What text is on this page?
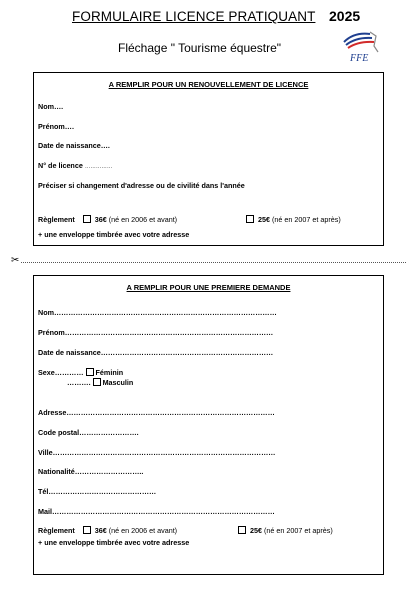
FORMULAIRE LICENCE PRATIQUANT 2025
Fléchage " Tourisme équestre"
FFE
A REMPLIR POUR UN RENOUVELLEMENT DE LICENCE
Nom….
Prénom….
Date de naissance….
N° de licence ……………
Préciser si changement d'adresse ou de civilité dans l'année
Règlement	36€ (né en 2006 et avant)	25€ (né en 2007 et après)
+ une enveloppe timbrée avec votre adresse
✂
A REMPLIR POUR UNE PREMIERE DEMANDE
Nom…………………………………………………………………………………
Prénom……………………………………………………………………………
Date de naissance………………………………………………………………
Sexe………… Féminin
………. Masculin
Adresse……………………………………………………………………………
Code postal…………………….
Ville…………………………………………………………………………………
Nationalité………………………..
Tél………………………………………
Mail…………………………………………………………………………………
Règlement	36€ (né en 2006 et avant)	25€ (né en 2007 et après)
+ une enveloppe timbrée avec votre adresse
